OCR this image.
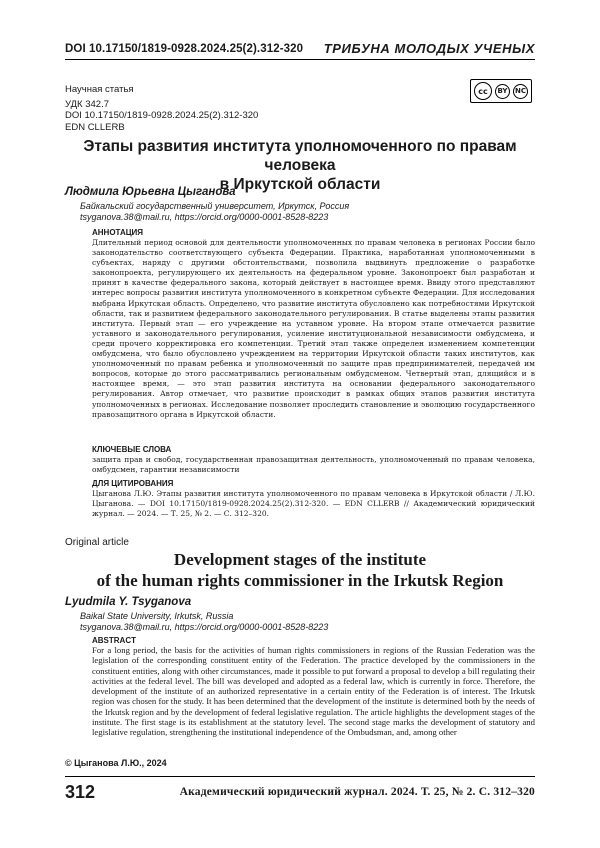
DOI 10.17150/1819-0928.2024.25(2).312-320 ТРИБУНА МОЛОДЫХ УЧЕНЫХ
Научная статья
УДК 342.7
DOI 10.17150/1819-0928.2024.25(2).312-320
EDN CLLERB
cc	BY	NC
Этапы развития института уполномоченного по правам человека
в Иркутской области
Людмила Юрьевна Цыганова
Байкальский государственный университет, Иркутск, Россия
tsyganova.38@mail.ru, https://orcid.org/0000-0001-8528-8223
АННОТАЦИЯ
Длительный период основой для деятельности уполномоченных по правам человека в регионах России было законодательство соответствующего субъекта Федерации. Практика, наработанная уполномоченными в субъектах, наряду с другими обстоятельствами, позволила выдвинуть предложение о разработке законопроекта, регулирующего их деятельность на федеральном уровне. Законопроект был разработан и принят в качестве федерального закона, который действует в настоящее время. Ввиду этого представляют интерес вопросы развития института уполномоченного в конкретном субъекте Федерации. Для исследования выбрана Иркутская область. Определено, что развитие института обусловлено как потребностями Иркутской области, так и развитием федерального законодательного регулирования. В статье выделены этапы развития института. Первый этап — его учреждение на уставном уровне. На втором этапе отмечается развитие уставного и законодательного регулирования, усиление институциональной независимости омбудсмена, и среди прочего корректировка его компетенции. Третий этап также определен изменением компетенции омбудсмена, что было обусловлено учреждением на территории Иркутской области таких институтов, как уполномоченный по правам ребенка и уполномоченный по защите прав предпринимателей, передачей им вопросов, которые до этого рассматривались региональным омбудсменом. Четвертый этап, длящийся и в настоящее время, — это этап развития института на основании федерального законодательного регулирования. Автор отмечает, что развитие происходит в рамках общих этапов развития института уполномоченных в регионах. Исследование позволяет проследить становление и эволюцию государственного правозащитного органа в Иркутской области.
КЛЮЧЕВЫЕ СЛОВА
защита прав и свобод, государственная правозащитная деятельность, уполномоченный по правам человека, омбудсмен, гарантии независимости
ДЛЯ ЦИТИРОВАНИЯ
Цыганова Л.Ю. Этапы развития института уполномоченного по правам человека в Иркутской области / Л.Ю. Цыганова. — DOI 10.17150/1819-0928.2024.25(2).312-320. — EDN CLLERB // Академический юридический журнал. — 2024. — Т. 25, № 2. — С. 312–320.
Original article
Development stages of the institute
of the human rights commissioner in the Irkutsk Region
Lyudmila Y. Tsyganova
Baikal State University, Irkutsk, Russia
tsyganova.38@mail.ru, https://orcid.org/0000-0001-8528-8223
ABSTRACT
For a long period, the basis for the activities of human rights commissioners in regions of the Russian Federation was the legislation of the corresponding constituent entity of the Federation. The practice developed by the commissioners in the constituent entities, along with other circumstances, made it possible to put forward a proposal to develop a bill regulating their activities at the federal level. The bill was developed and adopted as a federal law, which is currently in force. Therefore, the development of the institute of an authorized representative in a certain entity of the Federation is of interest. The Irkutsk region was chosen for the study. It has been determined that the development of the institute is determined both by the needs of the Irkutsk region and by the development of federal legislative regulation. The article highlights the development stages of the institute. The first stage is its establishment at the statutory level. The second stage marks the development of statutory and legislative regulation, strengthening the institutional independence of the Ombudsman, and, among other
© Цыганова Л.Ю., 2024
312	Академический юридический журнал. 2024. Т. 25, № 2. С. 312–320
